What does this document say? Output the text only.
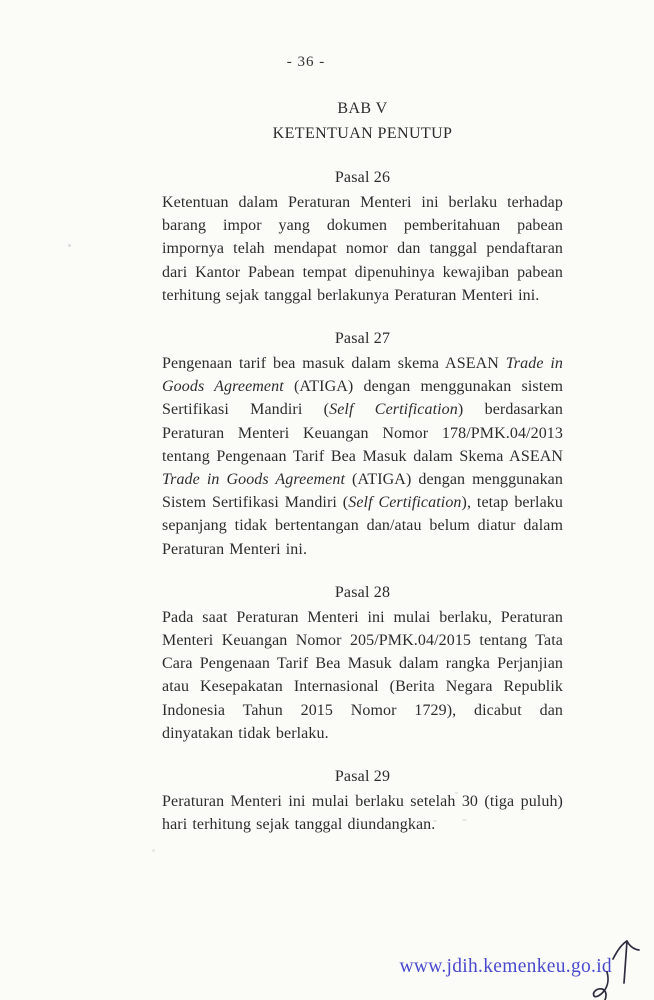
- 36 -
BAB V
KETENTUAN PENUTUP
Pasal 26

Ketentuan dalam Peraturan Menteri ini berlaku terhadap barang impor yang dokumen pemberitahuan pabean impornya telah mendapat nomor dan tanggal pendaftaran dari Kantor Pabean tempat dipenuhinya kewajiban pabean terhitung sejak tanggal berlakunya Peraturan Menteri ini.

Pasal 27

Pengenaan tarif bea masuk dalam skema ASEAN Trade in Goods Agreement (ATIGA) dengan menggunakan sistem Sertifikasi Mandiri (Self Certification) berdasarkan Peraturan Menteri Keuangan Nomor 178/PMK.04/2013 tentang Pengenaan Tarif Bea Masuk dalam Skema ASEAN Trade in Goods Agreement (ATIGA) dengan menggunakan Sistem Sertifikasi Mandiri (Self Certification), tetap berlaku sepanjang tidak bertentangan dan/atau belum diatur dalam Peraturan Menteri ini.

Pasal 28

Pada saat Peraturan Menteri ini mulai berlaku, Peraturan Menteri Keuangan Nomor 205/PMK.04/2015 tentang Tata Cara Pengenaan Tarif Bea Masuk dalam rangka Perjanjian atau Kesepakatan Internasional (Berita Negara Republik Indonesia Tahun 2015 Nomor 1729), dicabut dan dinyatakan tidak berlaku.

Pasal 29

Peraturan Menteri ini mulai berlaku setelah 30 (tiga puluh) hari terhitung sejak tanggal diundangkan.

www.jdih.kemenkeu.go.id
